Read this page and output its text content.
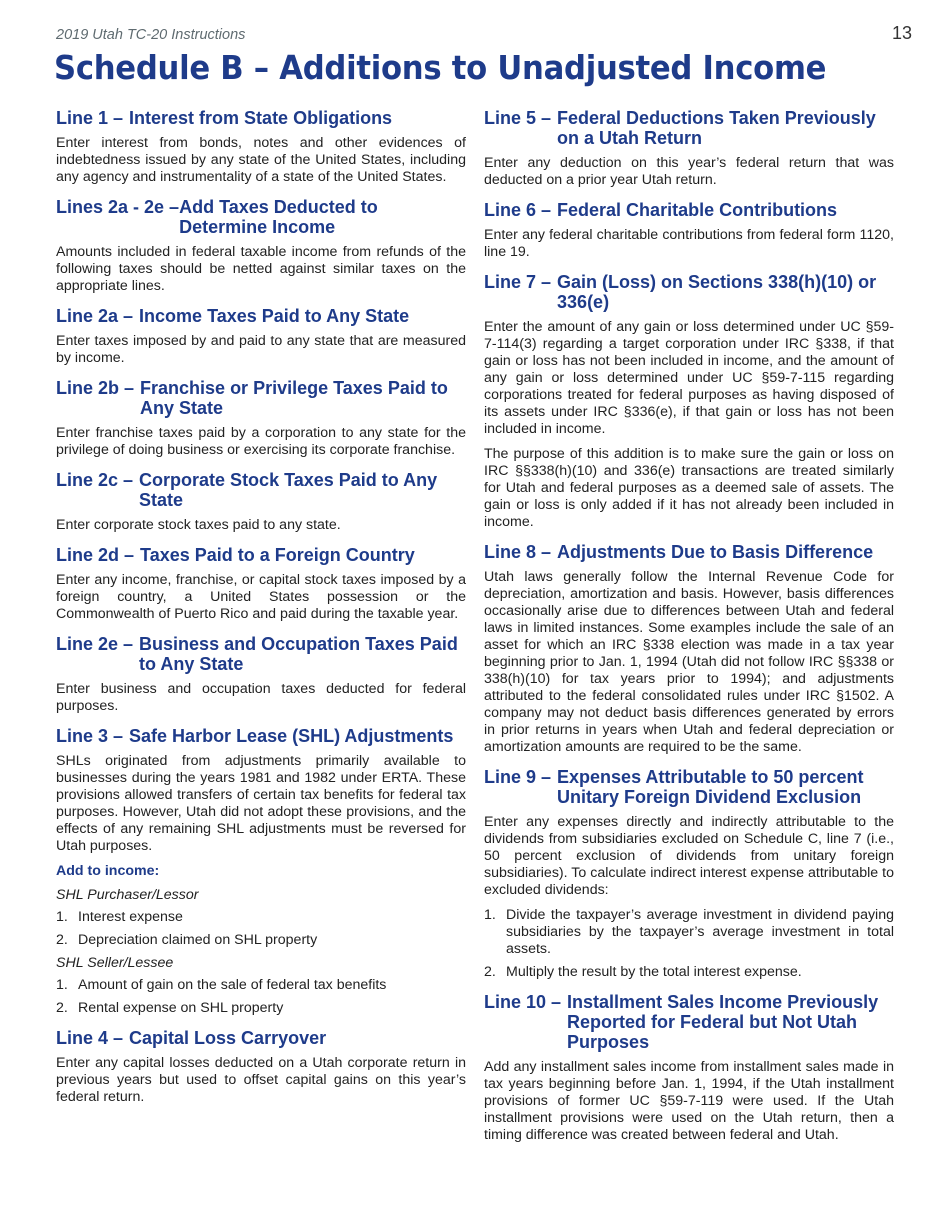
2019 Utah TC-20 Instructions	13
Schedule B – Additions to Unadjusted Income
Line 1 – Interest from State Obligations

Enter interest from bonds, notes and other evidences of indebtedness issued by any state of the United States, including any agency and instrumentality of a state of the United States.

Lines 2a - 2e – Add Taxes Deducted to Determine Income

Amounts included in federal taxable income from refunds of the following taxes should be netted against similar taxes on the appropriate lines.

Line 2a – Income Taxes Paid to Any State

Enter taxes imposed by and paid to any state that are measured by income.

Line 2b – Franchise or Privilege Taxes Paid to Any State

Enter franchise taxes paid by a corporation to any state for the privilege of doing business or exercising its corporate franchise.

Line 2c – Corporate Stock Taxes Paid to Any State

Enter corporate stock taxes paid to any state.

Line 2d – Taxes Paid to a Foreign Country

Enter any income, franchise, or capital stock taxes imposed by a foreign country, a United States possession or the Commonwealth of Puerto Rico and paid during the taxable year.

Line 2e – Business and Occupation Taxes Paid to Any State

Enter business and occupation taxes deducted for federal purposes.

Line 3 – Safe Harbor Lease (SHL) Adjustments

SHLs originated from adjustments primarily available to businesses during the years 1981 and 1982 under ERTA. These provisions allowed transfers of certain tax benefits for federal tax purposes. However, Utah did not adopt these provisions, and the effects of any remaining SHL adjustments must be reversed for Utah purposes.

Add to income:
SHL Purchaser/Lessor
1. Interest expense
2. Depreciation claimed on SHL property
SHL Seller/Lessee
1. Amount of gain on the sale of federal tax benefits
2. Rental expense on SHL property
Line 4 – Capital Loss Carryover

Enter any capital losses deducted on a Utah corporate return in previous years but used to offset capital gains on this year’s federal return.

Line 5 – Federal Deductions Taken Previously on a Utah Return

Enter any deduction on this year’s federal return that was deducted on a prior year Utah return.

Line 6 – Federal Charitable Contributions

Enter any federal charitable contributions from federal form 1120, line 19.

Line 7 – Gain (Loss) on Sections 338(h)(10) or 336(e)

Enter the amount of any gain or loss determined under UC §59-7-114(3) regarding a target corporation under IRC §338, if that gain or loss has not been included in income, and the amount of any gain or loss determined under UC §59-7-115 regarding corporations treated for federal purposes as having disposed of its assets under IRC §336(e), if that gain or loss has not been included in income.

The purpose of this addition is to make sure the gain or loss on IRC §§338(h)(10) and 336(e) transactions are treated similarly for Utah and federal purposes as a deemed sale of assets. The gain or loss is only added if it has not already been included in income.

Line 8 – Adjustments Due to Basis Difference

Utah laws generally follow the Internal Revenue Code for depreciation, amortization and basis. However, basis differences occasionally arise due to differences between Utah and federal laws in limited instances. Some examples include the sale of an asset for which an IRC §338 election was made in a tax year beginning prior to Jan. 1, 1994 (Utah did not follow IRC §§338 or 338(h)(10) for tax years prior to 1994); and adjustments attributed to the federal consolidated rules under IRC §1502. A company may not deduct basis differences generated by errors in prior returns in years when Utah and federal depreciation or amortization amounts are required to be the same.

Line 9 – Expenses Attributable to 50 percent Unitary Foreign Dividend Exclusion

Enter any expenses directly and indirectly attributable to the dividends from subsidiaries excluded on Schedule C, line 7 (i.e., 50 percent exclusion of dividends from unitary foreign subsidiaries). To calculate indirect interest expense attributable to excluded dividends:

1. Divide the taxpayer’s average investment in dividend paying subsidiaries by the taxpayer’s average investment in total assets.
2. Multiply the result by the total interest expense.
Line 10 – Installment Sales Income Previously Reported for Federal but Not Utah Purposes

Add any installment sales income from installment sales made in tax years beginning before Jan. 1, 1994, if the Utah installment provisions of former UC §59-7-119 were used. If the Utah installment provisions were used on the Utah return, then a timing difference was created between federal and Utah.
